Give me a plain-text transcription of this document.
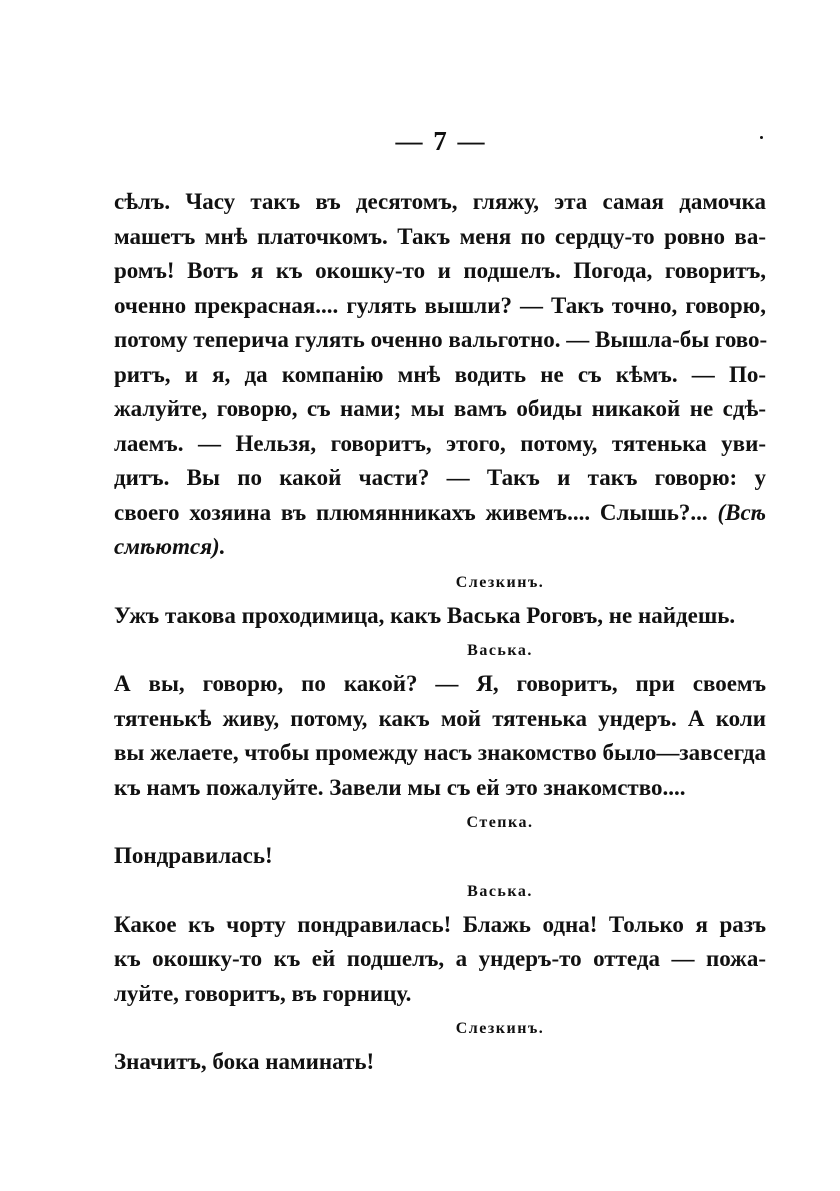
— 7 —
сѣлъ. Часу такъ въ десятомъ, гляжу, эта самая дамочка
машетъ мнѣ платочкомъ. Такъ меня по сердцу-то ровно ва-
ромъ! Вотъ я къ окошку-то и подшелъ. Погода, говоритъ,
оченно прекрасная.... гулять вышли? — Такъ точно, говорю,
потому теперича гулять оченно вальготно. — Вышла-бы гово-
ритъ, и я, да компанію мнѣ водить не съ кѣмъ. — По-
жалуйте, говорю, съ нами; мы вамъ обиды никакой не сдѣ-
лаемъ. — Нельзя, говоритъ, этого, потому, тятенька уви-
дитъ. Вы по какой части? — Такъ и такъ говорю: у
своего хозяина въ плюмянникахъ живемъ.... Слышь?... (Всѣ
смѣются).
Слезкинъ.
Ужъ такова проходимица, какъ Васька Роговъ, не найдешь.
Васька.
А вы, говорю, по какой? — Я, говоритъ, при своемъ
тятенькѣ живу, потому, какъ мой тятенька ундеръ. А коли
вы желаете, чтобы промежду насъ знакомство было—завсегда
къ намъ пожалуйте. Завели мы съ ей это знакомство....
Степка.
Пондравилась!
Васька.
Какое къ чорту пондравилась! Блажь одна! Только я разъ
къ окошку-то къ ей подшелъ, а ундеръ-то оттеда — пожа-
луйте, говоритъ, въ горницу.
Слезкинъ.
Значитъ, бока наминать!
